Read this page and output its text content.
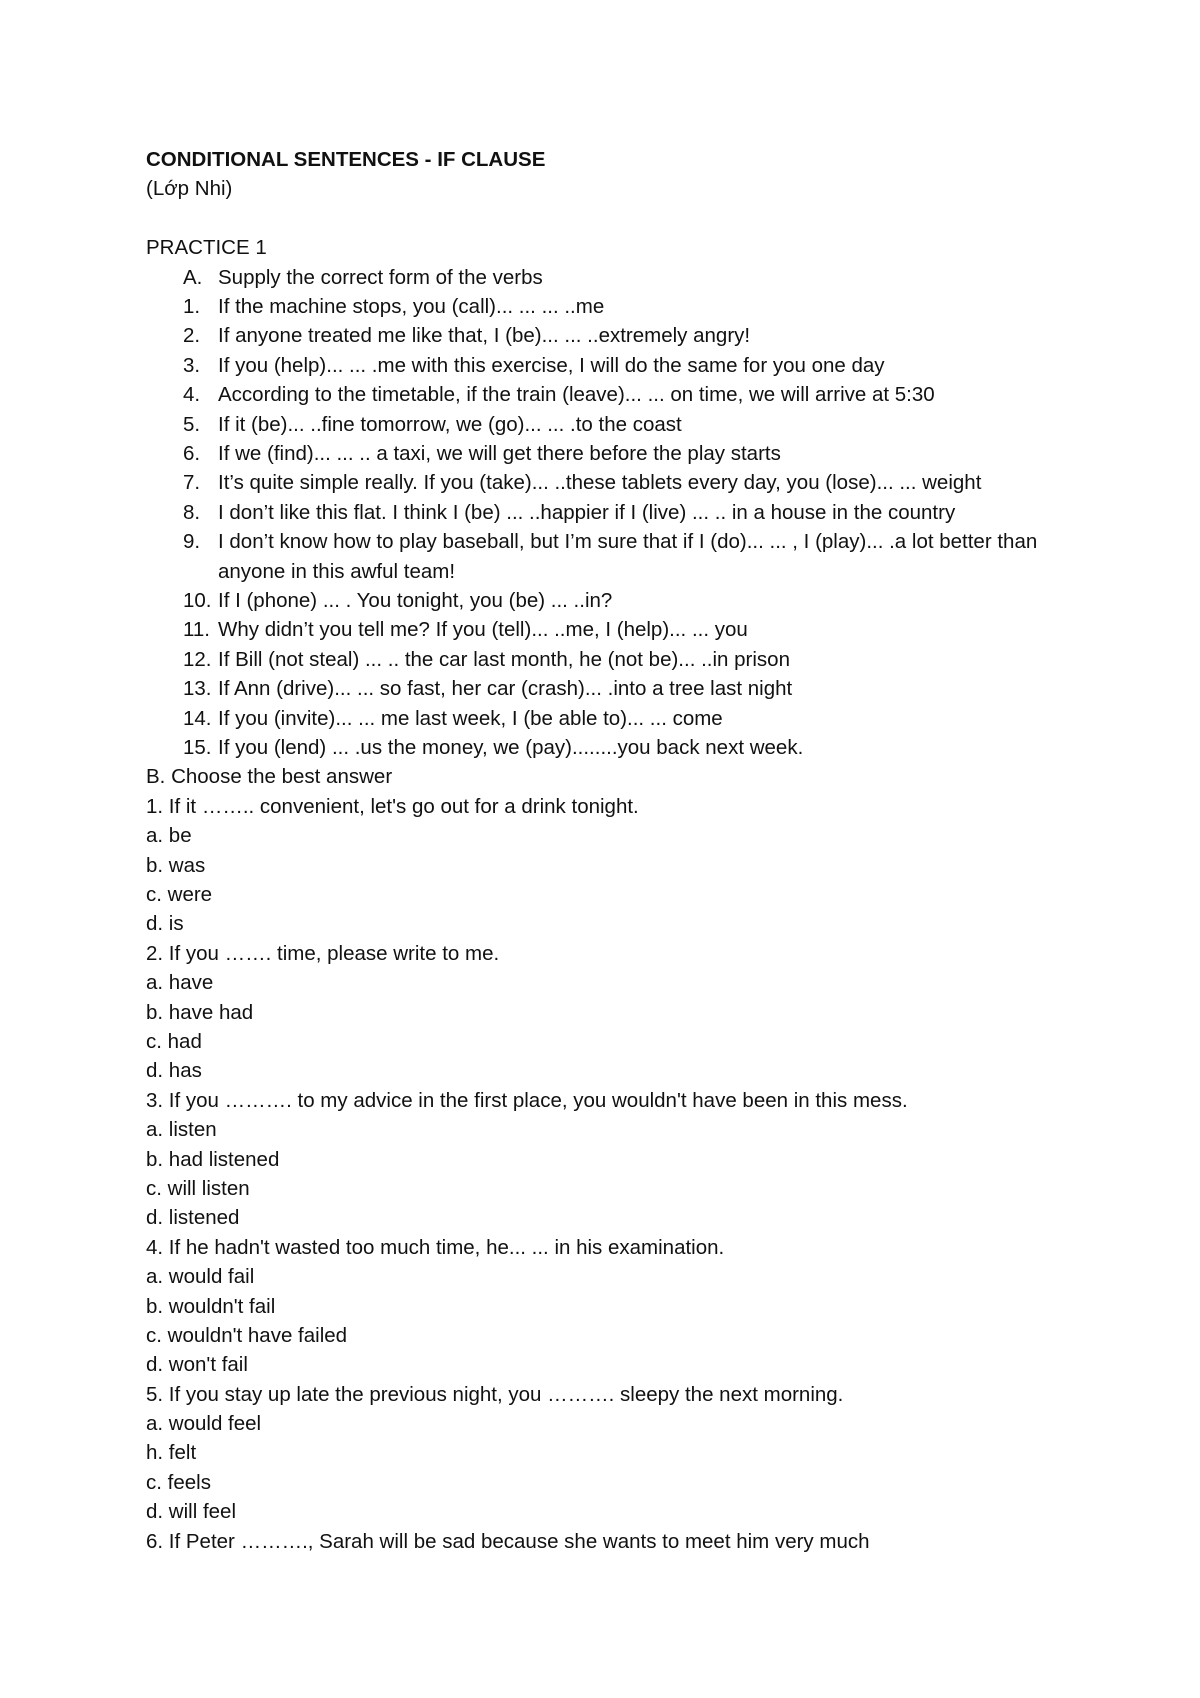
CONDITIONAL SENTENCES - IF CLAUSE

(Lớp Nhi)

PRACTICE 1

A. Supply the correct form of the verbs
1. If the machine stops, you (call)... ... ... ..me
2. If anyone treated me like that, I (be)... ... ..extremely angry!
3. If you (help)... ... .me with this exercise, I will do the same for you one day
4. According to the timetable, if the train (leave)... ... on time, we will arrive at 5:30
5. If it (be)... ..fine tomorrow, we (go)... ... .to the coast
6. If we (find)... ... .. a taxi, we will get there before the play starts
7. It’s quite simple really. If you (take)... ..these tablets every day, you (lose)... ... weight
8. I don’t like this flat. I think I (be) ... ..happier if I (live) ... .. in a house in the country
9. I don’t know how to play baseball, but I’m sure that if I (do)... ... , I (play)... .a lot better than anyone in this awful team!
10. If I (phone) ... . You tonight, you (be) ... ..in?
11. Why didn’t you tell me? If you (tell)... ..me, I (help)... ... you
12. If Bill (not steal) ... .. the car last month, he (not be)... ..in prison
13. If Ann (drive)... ... so fast, her car (crash)... .into a tree last night
14. If you (invite)... ... me last week, I (be able to)... ... come
15. If you (lend) ... .us the money, we (pay)........you back next week.

B. Choose the best answer

1. If it …….. convenient, let's go out for a drink tonight.

a. be

b. was

c. were

d. is

2. If you ……. time, please write to me.

a. have

b. have had

c. had

d. has

3. If you ………. to my advice in the first place, you wouldn't have been in this mess.

a. listen

b. had listened

c. will listen

d. listened

4. If he hadn't wasted too much time, he... ... in his examination.

a. would fail

b. wouldn't fail

c. wouldn't have failed

d. won't fail

5. If you stay up late the previous night, you ………. sleepy the next morning.

a. would feel

h. felt

c. feels

d. will feel

6. If Peter ………., Sarah will be sad because she wants to meet him very much
